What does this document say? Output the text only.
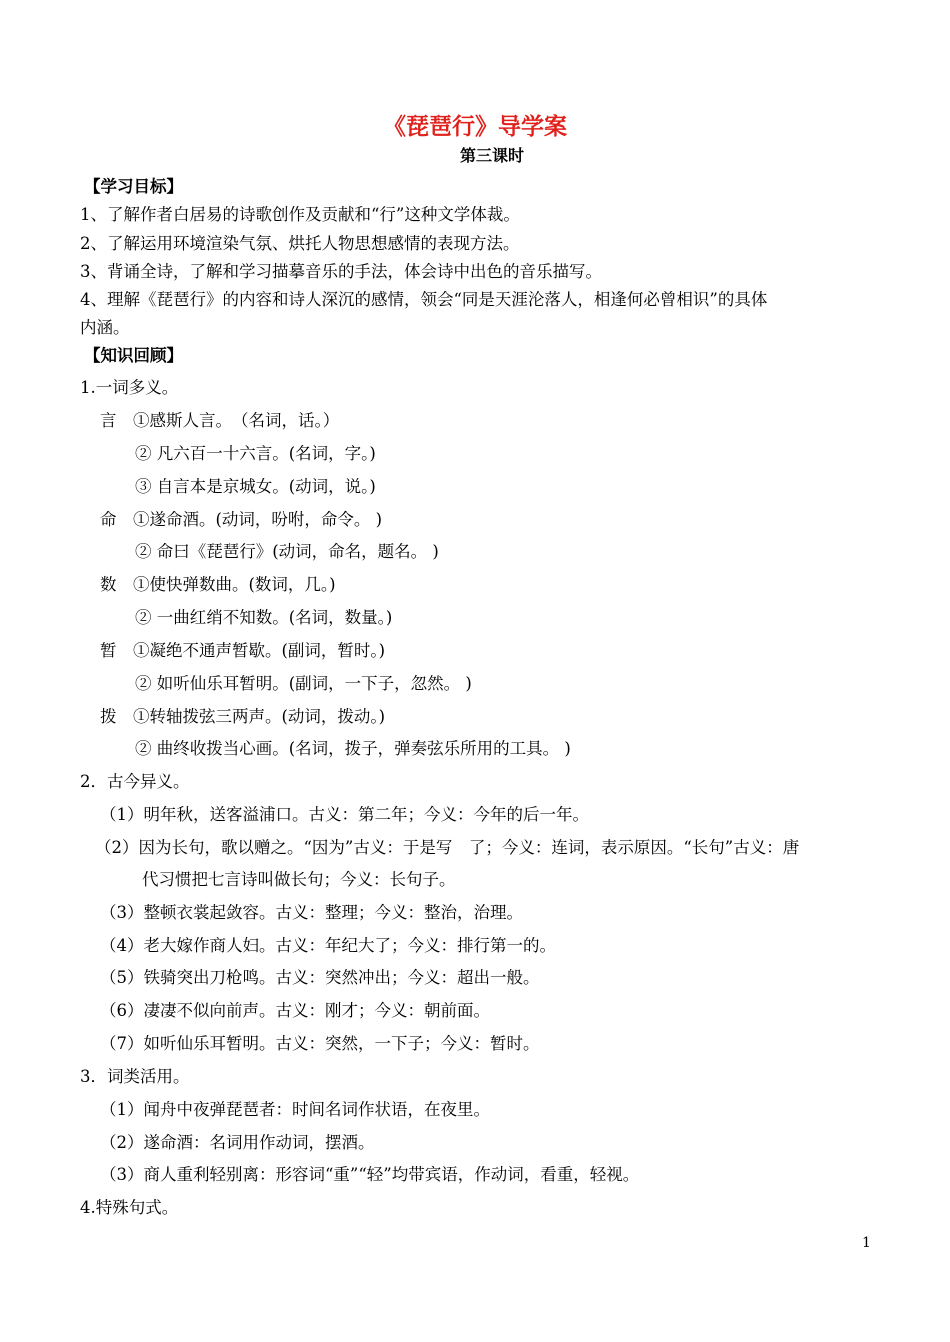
《琵琶行》导学案
第三课时
【学习目标】
1、了解作者白居易的诗歌创作及贡献和“行”这种文学体裁。
2、了解运用环境渲染气氛、烘托人物思想感情的表现方法。
3、背诵全诗，了解和学习描摹音乐的手法，体会诗中出色的音乐描写。
4、理解《琵琶行》的内容和诗人深沉的感情，领会“同是天涯沦落人，相逢何必曾相识”的具体
内涵。
【知识回顾】
1.一词多义。
言　①感斯人言。　（名词，话。）
② 凡六百一十六言。(名词，字。)
③ 自言本是京城女。(动词，说。)
命　①遂命酒。(动词，吩咐，命令。 )
② 命曰《琵琶行》(动词，命名，题名。 )
数　①使快弹数曲。(数词，几。)
② 一曲红绡不知数。(名词，数量。)
暂　①凝绝不通声暂歇。(副词，暂时。)
② 如听仙乐耳暂明。(副词，一下子，忽然。 )
拨　①转轴拨弦三两声。(动词，拨动。)
② 曲终收拨当心画。(名词，拨子，弹奏弦乐所用的工具。 )
2．古今异义。
（1）明年秋，送客溢浦口。古义：第二年；今义：今年的后一年。
（2）因为长句，歌以赠之。“因为”古义：于是写　了；今义：连词，表示原因。“长句”古义：唐
代习惯把七言诗叫做长句；今义：长句子。
（3）整顿衣裳起敛容。古义：整理；今义：整治，治理。
（4）老大嫁作商人妇。古义：年纪大了；今义：排行第一的。
（5）铁骑突出刀枪鸣。古义：突然冲出；今义：超出一般。
（6）凄凄不似向前声。古义：刚才；今义：朝前面。
（7）如听仙乐耳暂明。古义：突然，一下子；今义：暂时。
3．词类活用。
（1）闻舟中夜弹琵琶者：时间名词作状语，在夜里。
（2）遂命酒：名词用作动词，摆酒。
（3）商人重利轻别离：形容词“重”“轻”均带宾语，作动词，看重，轻视。
4.特殊句式。
1
